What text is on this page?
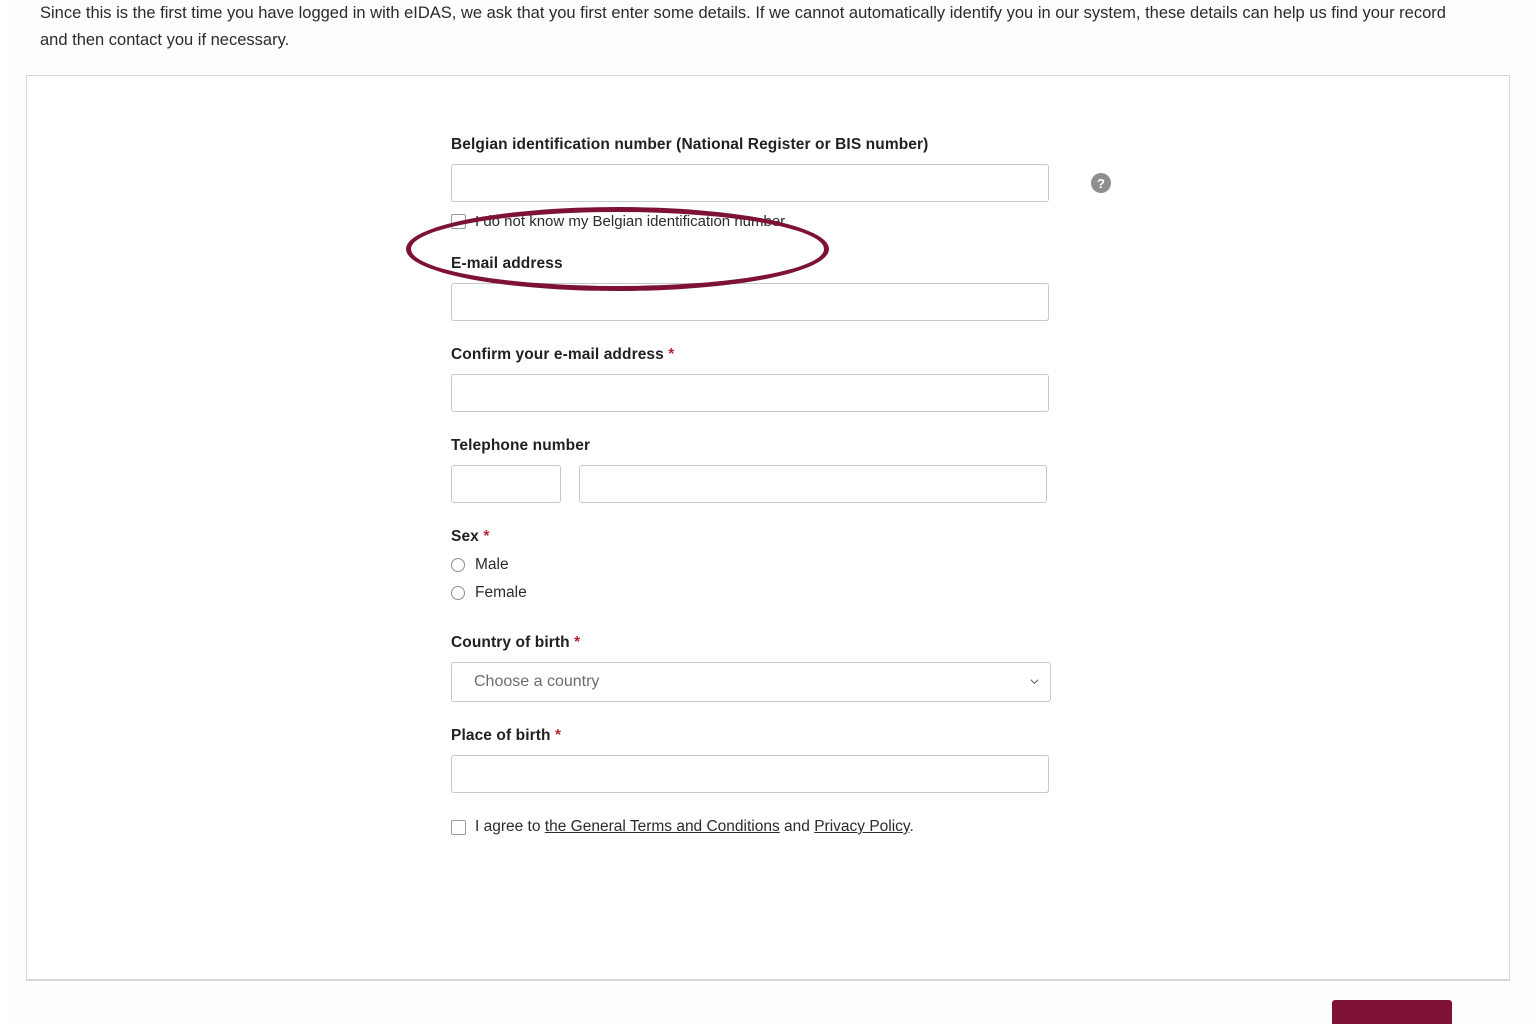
Since this is the first time you have logged in with eIDAS, we ask that you first enter some details. If we cannot automatically identify you in our system, these details can help us find your record and then contact you if necessary.
Belgian identification number (National Register or BIS number)
?
I do not know my Belgian identification number
E-mail address
Confirm your e-mail address *
Telephone number
Sex *
Male
Female
Country of birth *
Choose a country
Place of birth *
I agree to the General Terms and Conditions and Privacy Policy.
